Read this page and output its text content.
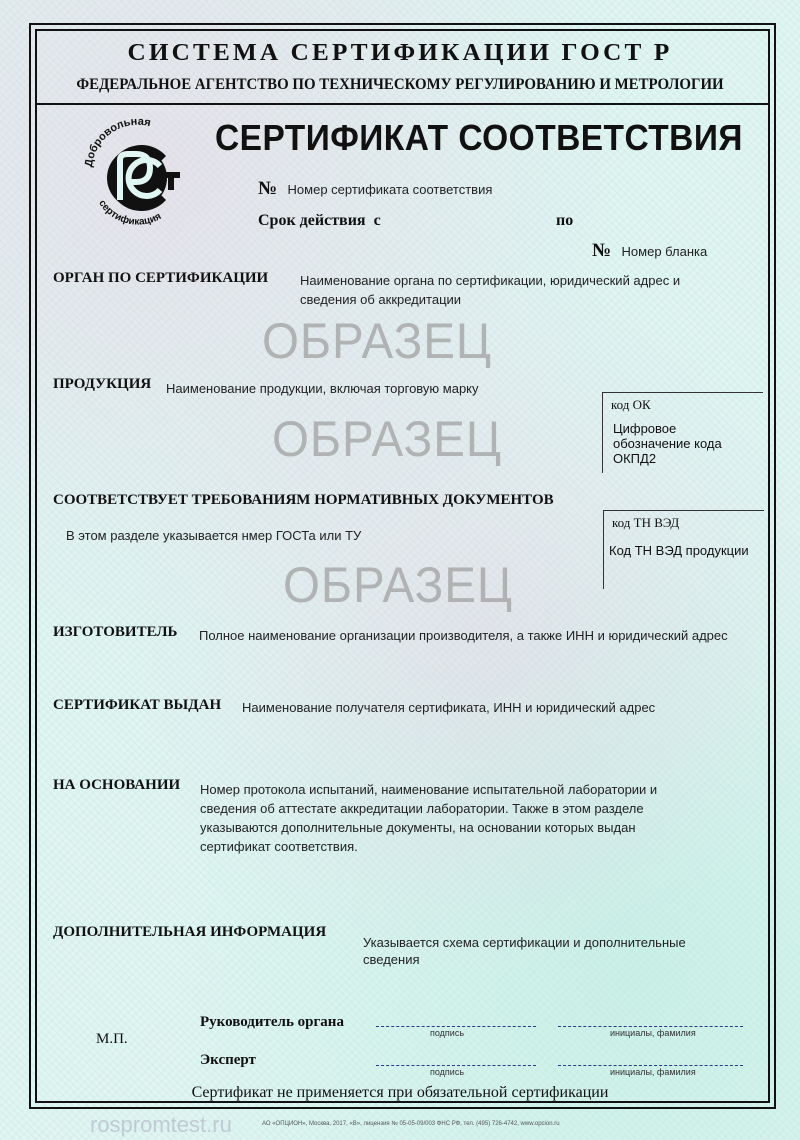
СИСТЕМА СЕРТИФИКАЦИИ ГОСТ Р
ФЕДЕРАЛЬНОЕ АГЕНТСТВО ПО ТЕХНИЧЕСКОМУ РЕГУЛИРОВАНИЮ И МЕТРОЛОГИИ
Добровольная
сертификация
СЕРТИФИКАТ СООТВЕТСТВИЯ
№ Номер сертификата соответствия
Срок действия с	по
№ Номер бланка
ОРГАН ПО СЕРТИФИКАЦИИ Наименование органа по сертификации, юридический адрес и
сведения об аккредитации
ОБРАЗЕЦ
ПРОДУКЦИЯ Наименование продукции, включая торговую марку
ОБРАЗЕЦ
код ОК
Цифровое
обозначение кода
ОКПД2
СООТВЕТСТВУЕТ ТРЕБОВАНИЯМ НОРМАТИВНЫХ ДОКУМЕНТОВ
В этом разделе указывается нмер ГОСТа или ТУ
код ТН ВЭД
Код ТН ВЭД продукции
ОБРАЗЕЦ
ИЗГОТОВИТЕЛЬ Полное наименование организации производителя, а также ИНН и юридический адрес
СЕРТИФИКАТ ВЫДАН Наименование получателя сертификата, ИНН и юридический адрес
НА ОСНОВАНИИ Номер протокола испытаний, наименование испытательной лаборатории и
сведения об аттестате аккредитации лаборатории. Также в этом разделе
указываются дополнительные документы, на основании которых выдан
сертификат соответствия.
ДОПОЛНИТЕЛЬНАЯ ИНФОРМАЦИЯ
Указывается схема сертификации и дополнительные
сведения
М.П.
Руководитель органа
подпись	инициалы, фамилия
Эксперт
подпись	инициалы, фамилия
Сертификат не применяется при обязательной сертификации
rospromtest.ru	АО «ОПЦИОН», Москва, 2017, «В», лицензия № 05-05-09/003 ФНС РФ, тел. (495) 726-4742, www.opcion.ru
